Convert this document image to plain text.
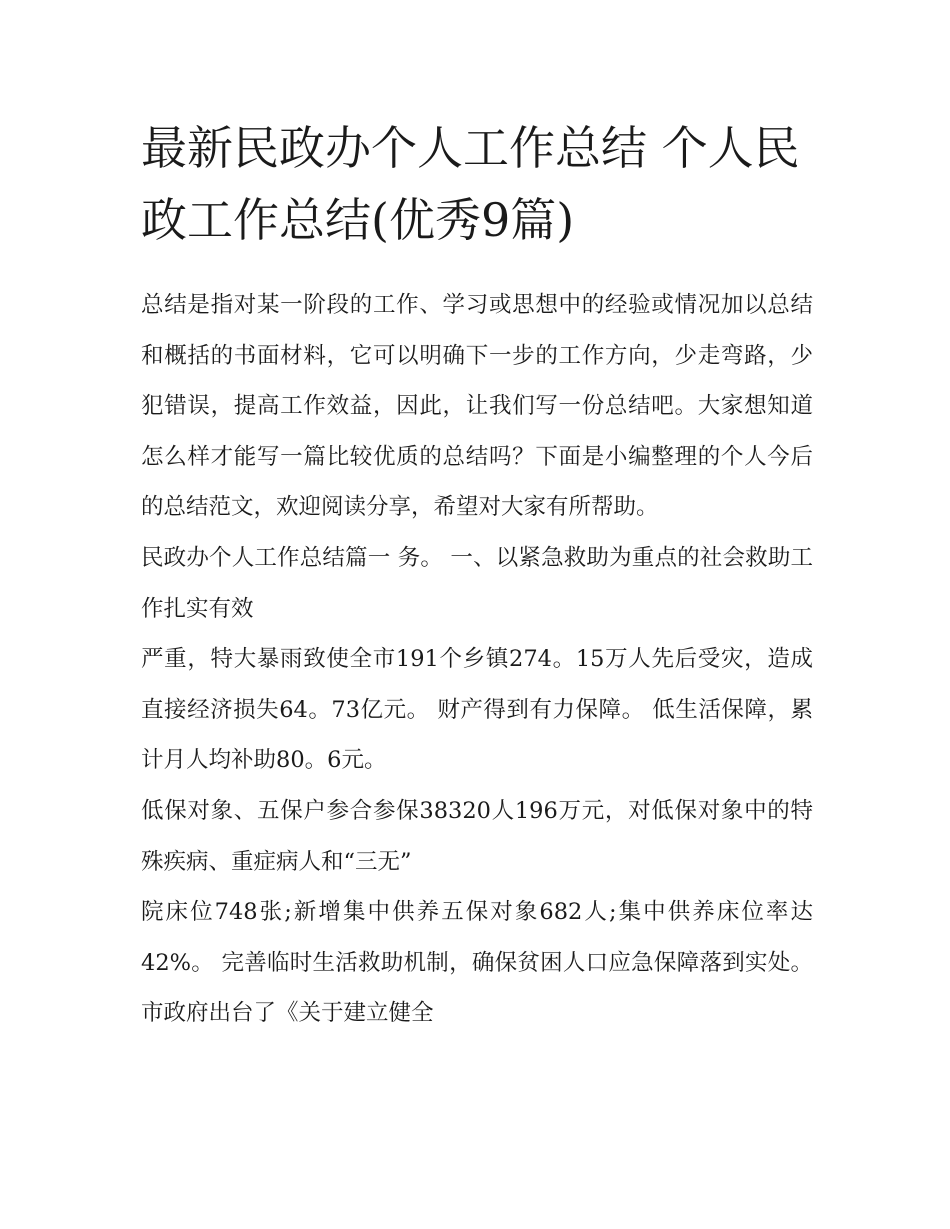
最新民政办个人工作总结 个人民政工作总结(优秀9篇)

总结是指对某一阶段的工作、学习或思想中的经验或情况加以总结和概括的书面材料，它可以明确下一步的工作方向，少走弯路，少犯错误，提高工作效益，因此，让我们写一份总结吧。大家想知道怎么样才能写一篇比较优质的总结吗？下面是小编整理的个人今后的总结范文，欢迎阅读分享，希望对大家有所帮助。

民政办个人工作总结篇一 务。 一、以紧急救助为重点的社会救助工作扎实有效

严重，特大暴雨致使全市191个乡镇274。15万人先后受灾，造成直接经济损失64。73亿元。 财产得到有力保障。 低生活保障，累计月人均补助80。6元。

低保对象、五保户参合参保38320人196万元，对低保对象中的特殊疾病、重症病人和“三无”

院床位748张;新增集中供养五保对象682人;集中供养床位率达42%。 完善临时生活救助机制，确保贫困人口应急保障落到实处。市政府出台了《关于建立健全
